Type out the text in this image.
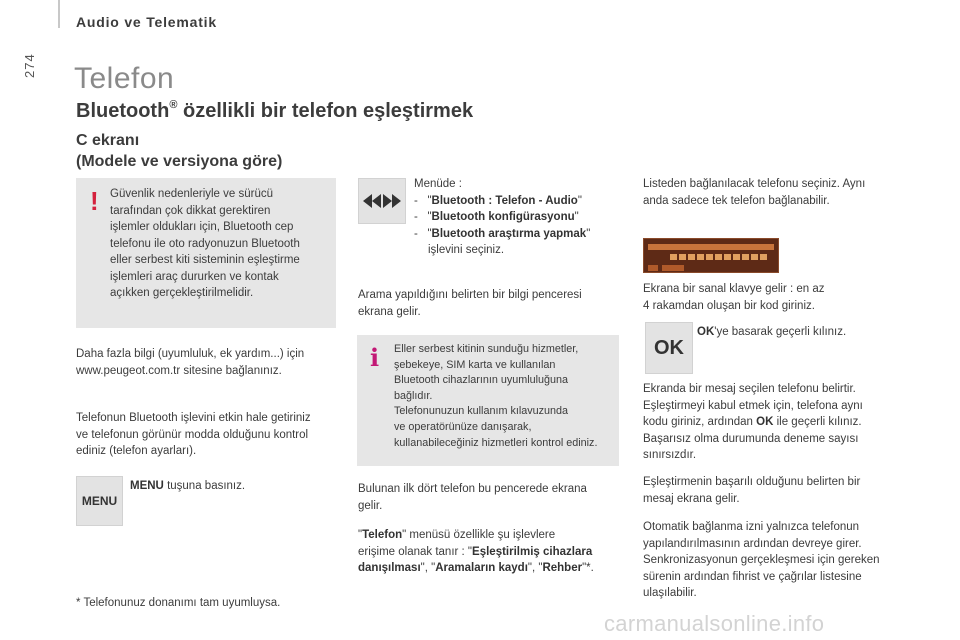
Audio ve Telematik
274 Telefon
Bluetooth® özellikli bir telefon eşleştirmek
C ekranı
(Modele ve versiyona göre)
! Güvenlik nedenleriyle ve sürücü
tarafından çok dikkat gerektiren
işlemler oldukları için, Bluetooth cep
telefonu ile oto radyonuzun Bluetooth
eller serbest kiti sisteminin eşleştirme
işlemleri araç dururken ve kontak
açıkken gerçekleştirilmelidir.
Daha fazla bilgi (uyumluluk, ek yardım...) için
www.peugeot.com.tr sitesine bağlanınız.
Telefonun Bluetooth işlevini etkin hale getiriniz
ve telefonun görünür modda olduğunu kontrol
ediniz (telefon ayarları).
MENU
MENU tuşuna basınız.
* Telefonunuz donanımı tam uyumluysa.
Menüde :
- "Bluetooth : Telefon - Audio"
- "Bluetooth konfigürasyonu"
- "Bluetooth araştırma yapmak"
işlevini seçiniz.
Arama yapıldığını belirten bir bilgi penceresi
ekrana gelir.
i Eller serbest kitinin sunduğu hizmetler,
şebekeye, SIM karta ve kullanılan
Bluetooth cihazlarının uyumluluğuna
bağlıdır.
Telefonunuzun kullanım kılavuzunda
ve operatörünüze danışarak,
kullanabileceğiniz hizmetleri kontrol ediniz.
Bulunan ilk dört telefon bu pencerede ekrana
gelir.
"Telefon" menüsü özellikle şu işlevlere
erişime olanak tanır : "Eşleştirilmiş cihazlara
danışılması", "Aramaların kaydı", "Rehber"*.
Listeden bağlanılacak telefonu seçiniz. Aynı
anda sadece tek telefon bağlanabilir.
Ekrana bir sanal klavye gelir : en az
4 rakamdan oluşan bir kod giriniz.
OK
OK'ye basarak geçerli kılınız.
Ekranda bir mesaj seçilen telefonu belirtir.
Eşleştirmeyi kabul etmek için, telefona aynı
kodu giriniz, ardından OK ile geçerli kılınız.
Başarısız olma durumunda deneme sayısı
sınırsızdır.
Eşleştirmenin başarılı olduğunu belirten bir
mesaj ekrana gelir.
Otomatik bağlanma izni yalnızca telefonun
yapılandırılmasının ardından devreye girer.
Senkronizasyonun gerçekleşmesi için gereken
sürenin ardından fihrist ve çağrılar listesine
ulaşılabilir.
carmanualsonline.info
